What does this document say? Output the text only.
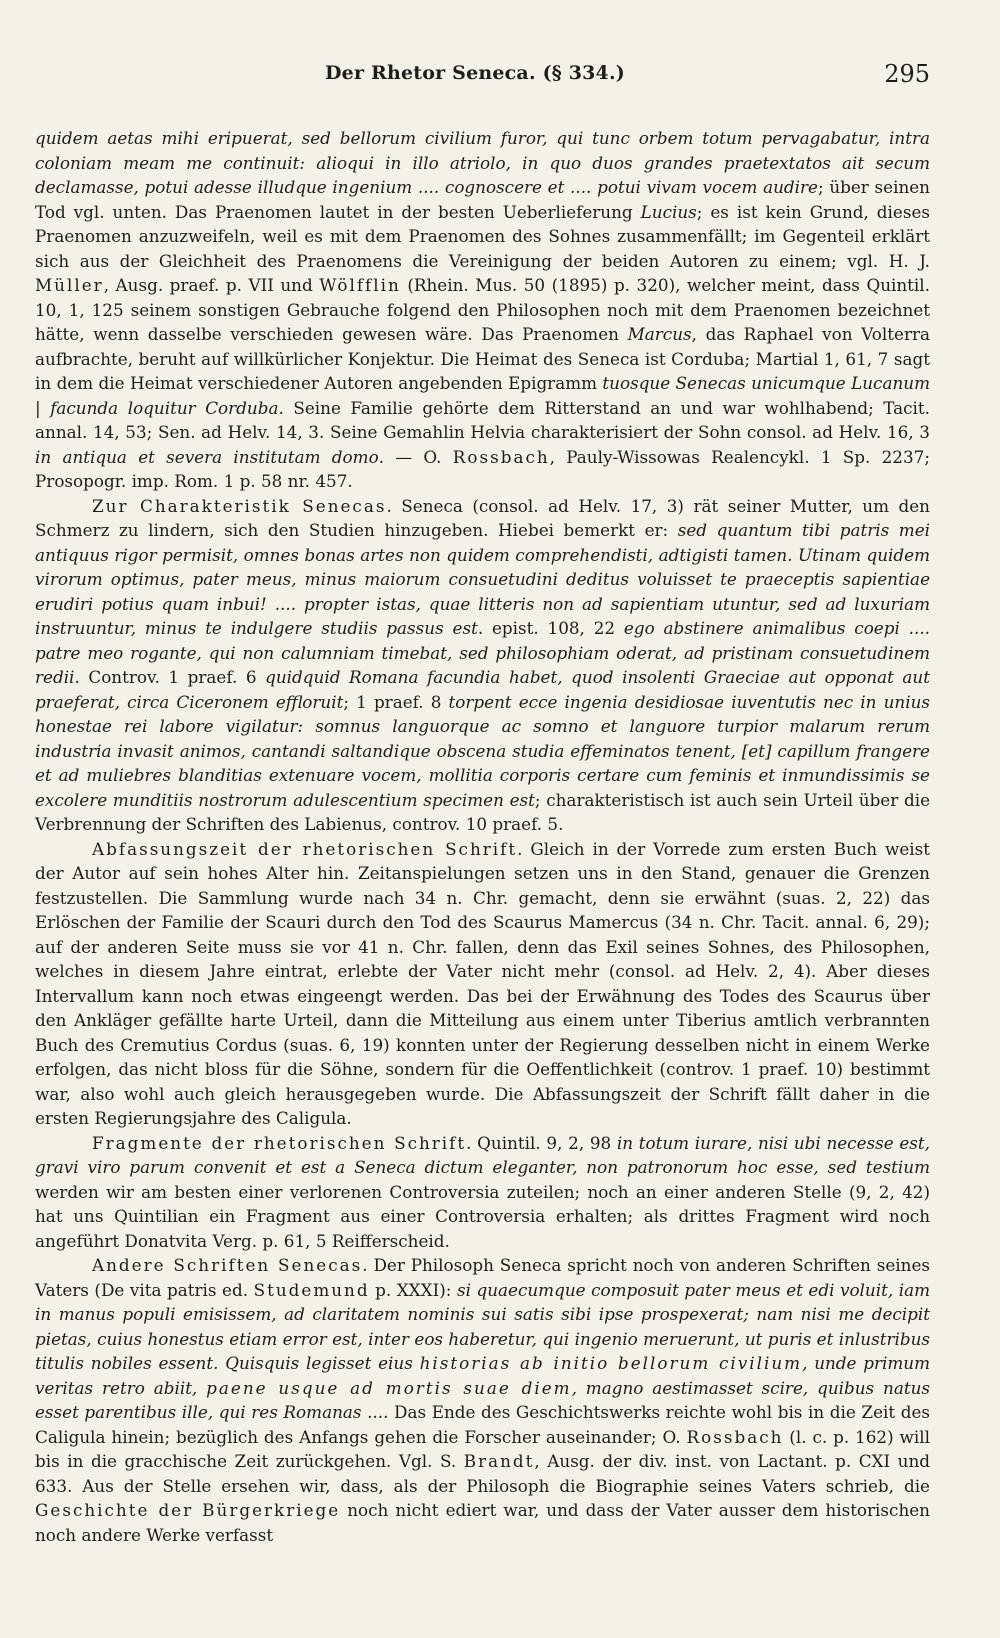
Der Rhetor Seneca. (§ 334.)	295

quidem aetas mihi eripuerat, sed bellorum civilium furor, qui tunc orbem totum pervagabatur, intra coloniam meam me continuit: alioqui in illo atriolo, in quo duos grandes praetextatos ait secum declamasse, potui adesse illudque ingenium .... cognoscere et .... potui vivam vocem audire; über seinen Tod vgl. unten. Das Praenomen lautet in der besten Ueberlieferung Lucius; es ist kein Grund, dieses Praenomen anzuzweifeln, weil es mit dem Praenomen des Sohnes zusammenfällt; im Gegenteil erklärt sich aus der Gleichheit des Praenomens die Vereinigung der beiden Autoren zu einem; vgl. H. J. Müller, Ausg. praef. p. VII und Wölfflin (Rhein. Mus. 50 (1895) p. 320), welcher meint, dass Quintil. 10, 1, 125 seinem sonstigen Gebrauche folgend den Philosophen noch mit dem Praenomen bezeichnet hätte, wenn dasselbe verschieden gewesen wäre. Das Praenomen Marcus, das Raphael von Volterra aufbrachte, beruht auf willkürlicher Konjektur. Die Heimat des Seneca ist Corduba; Martial 1, 61, 7 sagt in dem die Heimat verschiedener Autoren angebenden Epigramm tuosque Senecas unicumque Lucanum | facunda loquitur Corduba. Seine Familie gehörte dem Ritterstand an und war wohlhabend; Tacit. annal. 14, 53; Sen. ad Helv. 14, 3. Seine Gemahlin Helvia charakterisiert der Sohn consol. ad Helv. 16, 3 in antiqua et severa institutam domo. — O. Rossbach, Pauly-Wissowas Realencykl. 1 Sp. 2237; Prosopogr. imp. Rom. 1 p. 58 nr. 457.

Zur Charakteristik Senecas. Seneca (consol. ad Helv. 17, 3) rät seiner Mutter, um den Schmerz zu lindern, sich den Studien hinzugeben. Hiebei bemerkt er: sed quantum tibi patris mei antiquus rigor permisit, omnes bonas artes non quidem comprehendisti, adtigisti tamen. Utinam quidem virorum optimus, pater meus, minus maiorum consuetudini deditus voluisset te praeceptis sapientiae erudiri potius quam inbui! .... propter istas, quae litteris non ad sapientiam utuntur, sed ad luxuriam instruuntur, minus te indulgere studiis passus est. epist. 108, 22 ego abstinere animalibus coepi .... patre meo rogante, qui non calumniam timebat, sed philosophiam oderat, ad pristinam consuetudinem redii. Controv. 1 praef. 6 quidquid Romana facundia habet, quod insolenti Graeciae aut opponat aut praeferat, circa Ciceronem effloruit; 1 praef. 8 torpent ecce ingenia desidiosae iuventutis nec in unius honestae rei labore vigilatur: somnus languorque ac somno et languore turpior malarum rerum industria invasit animos, cantandi saltandique obscena studia effeminatos tenent, [et] capillum frangere et ad muliebres blanditias extenuare vocem, mollitia corporis certare cum feminis et inmundissimis se excolere munditiis nostrorum adulescentium specimen est; charakteristisch ist auch sein Urteil über die Verbrennung der Schriften des Labienus, controv. 10 praef. 5.

Abfassungszeit der rhetorischen Schrift. Gleich in der Vorrede zum ersten Buch weist der Autor auf sein hohes Alter hin. Zeitanspielungen setzen uns in den Stand, genauer die Grenzen festzustellen. Die Sammlung wurde nach 34 n. Chr. gemacht, denn sie erwähnt (suas. 2, 22) das Erlöschen der Familie der Scauri durch den Tod des Scaurus Mamercus (34 n. Chr. Tacit. annal. 6, 29); auf der anderen Seite muss sie vor 41 n. Chr. fallen, denn das Exil seines Sohnes, des Philosophen, welches in diesem Jahre eintrat, erlebte der Vater nicht mehr (consol. ad Helv. 2, 4). Aber dieses Intervallum kann noch etwas eingeengt werden. Das bei der Erwähnung des Todes des Scaurus über den Ankläger gefällte harte Urteil, dann die Mitteilung aus einem unter Tiberius amtlich verbrannten Buch des Cremutius Cordus (suas. 6, 19) konnten unter der Regierung desselben nicht in einem Werke erfolgen, das nicht bloss für die Söhne, sondern für die Oeffentlichkeit (controv. 1 praef. 10) bestimmt war, also wohl auch gleich herausgegeben wurde. Die Abfassungszeit der Schrift fällt daher in die ersten Regierungsjahre des Caligula.

Fragmente der rhetorischen Schrift. Quintil. 9, 2, 98 in totum iurare, nisi ubi necesse est, gravi viro parum convenit et est a Seneca dictum eleganter, non patronorum hoc esse, sed testium werden wir am besten einer verlorenen Controversia zuteilen; noch an einer anderen Stelle (9, 2, 42) hat uns Quintilian ein Fragment aus einer Controversia erhalten; als drittes Fragment wird noch angeführt Donatvita Verg. p. 61, 5 Reifferscheid.

Andere Schriften Senecas. Der Philosoph Seneca spricht noch von anderen Schriften seines Vaters (De vita patris ed. Studemund p. XXXI): si quaecumque composuit pater meus et edi voluit, iam in manus populi emisissem, ad claritatem nominis sui satis sibi ipse prospexerat; nam nisi me decipit pietas, cuius honestus etiam error est, inter eos haberetur, qui ingenio meruerunt, ut puris et inlustribus titulis nobiles essent. Quisquis legisset eius historias ab initio bellorum civilium, unde primum veritas retro abiit, paene usque ad mortis suae diem, magno aestimasset scire, quibus natus esset parentibus ille, qui res Romanas .... Das Ende des Geschichtswerks reichte wohl bis in die Zeit des Caligula hinein; bezüglich des Anfangs gehen die Forscher auseinander; O. Rossbach (l. c. p. 162) will bis in die gracchische Zeit zurückgehen. Vgl. S. Brandt, Ausg. der div. inst. von Lactant. p. CXI und 633. Aus der Stelle ersehen wir, dass, als der Philosoph die Biographie seines Vaters schrieb, die Geschichte der Bürgerkriege noch nicht ediert war, und dass der Vater ausser dem historischen noch andere Werke verfasst
